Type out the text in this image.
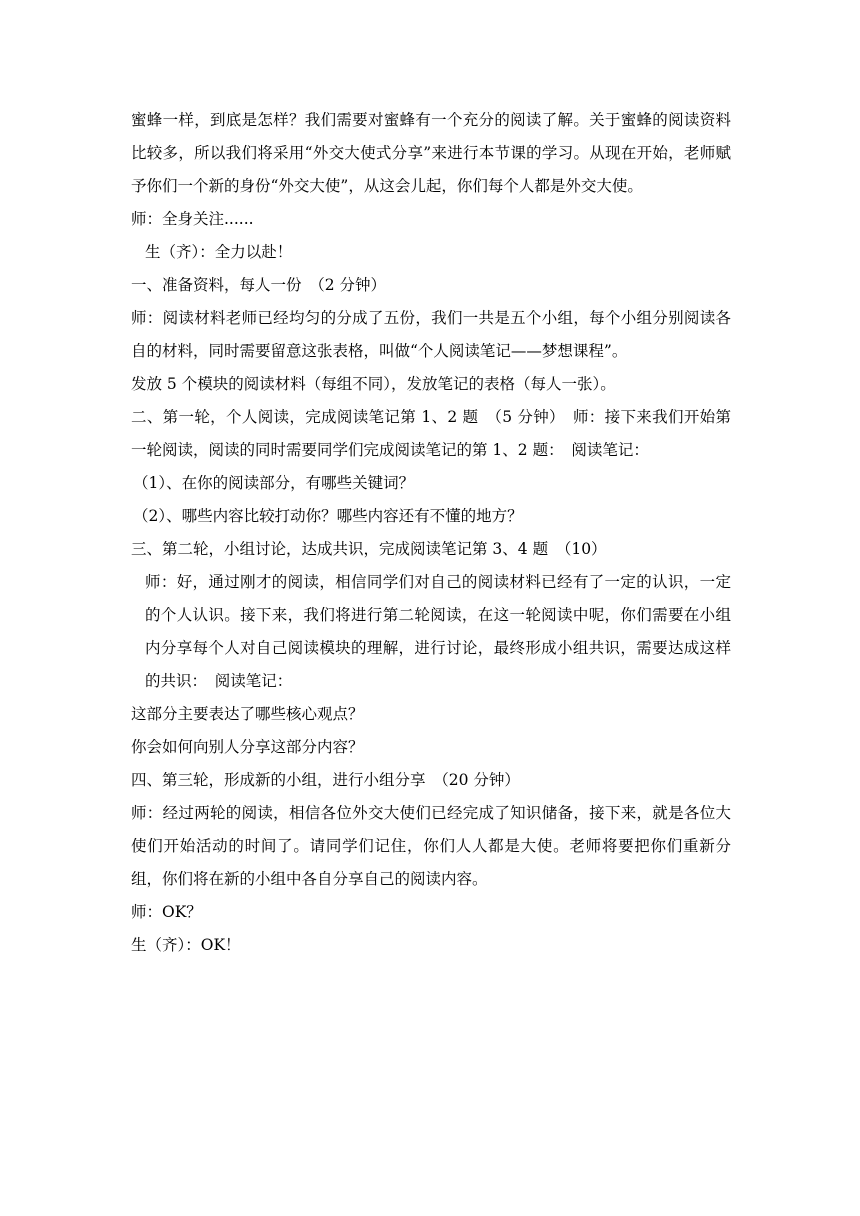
蜜蜂一样，到底是怎样？我们需要对蜜蜂有一个充分的阅读了解。关于蜜蜂的阅读资料比较多，所以我们将采用“外交大使式分享”来进行本节课的学习。从现在开始，老师赋予你们一个新的身份“外交大使”，从这会儿起，你们每个人都是外交大使。

师：全身关注......

生（齐）：全力以赴！

一、准备资料，每人一份　（2 分钟）

师：阅读材料老师已经均匀的分成了五份，我们一共是五个小组，每个小组分别阅读各自的材料，同时需要留意这张表格，叫做“个人阅读笔记——梦想课程”。

发放 5 个模块的阅读材料（每组不同），发放笔记的表格（每人一张）。

二、第一轮，个人阅读，完成阅读笔记第 1、2 题　（5 分钟）　师：接下来我们开始第一轮阅读，阅读的同时需要同学们完成阅读笔记的第 1、2 题：　阅读笔记：

（1）、在你的阅读部分，有哪些关键词？

（2）、哪些内容比较打动你？哪些内容还有不懂的地方？

三、第二轮，小组讨论，达成共识，完成阅读笔记第 3、4 题　（10）

师：好，通过刚才的阅读，相信同学们对自己的阅读材料已经有了一定的认识，一定的个人认识。接下来，我们将进行第二轮阅读，在这一轮阅读中呢，你们需要在小组内分享每个人对自己阅读模块的理解，进行讨论，最终形成小组共识，需要达成这样的共识：　阅读笔记：

这部分主要表达了哪些核心观点？

你会如何向别人分享这部分内容？

四、第三轮，形成新的小组，进行小组分享　（20 分钟）

师：经过两轮的阅读，相信各位外交大使们已经完成了知识储备，接下来，就是各位大使们开始活动的时间了。请同学们记住，你们人人都是大使。老师将要把你们重新分组，你们将在新的小组中各自分享自己的阅读内容。

师：OK？

生（齐）：OK！
